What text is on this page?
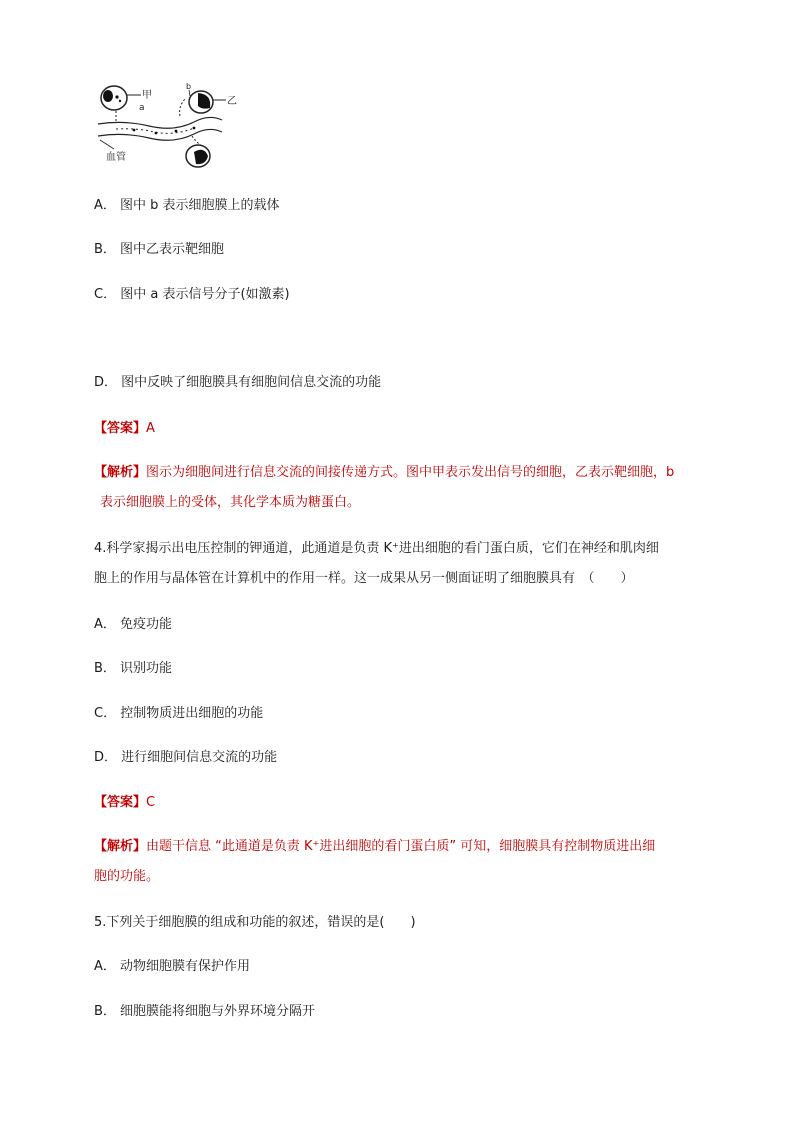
甲
a
乙
b
血管
A． 图中 b 表示细胞膜上的载体
B． 图中乙表示靶细胞
C． 图中 a 表示信号分子(如激素)
D． 图中反映了细胞膜具有细胞间信息交流的功能
【答案】A
【解析】图示为细胞间进行信息交流的间接传递方式。图中甲表示发出信号的细胞，乙表示靶细胞，b
表示细胞膜上的受体，其化学本质为糖蛋白。
4.科学家揭示出电压控制的钾通道，此通道是负责 K⁺进出细胞的看门蛋白质，它们在神经和肌肉细
胞上的作用与晶体管在计算机中的作用一样。这一成果从另一侧面证明了细胞膜具有　（　　）
A． 免疫功能
B． 识别功能
C． 控制物质进出细胞的功能
D． 进行细胞间信息交流的功能
【答案】C
【解析】由题干信息 “此通道是负责 K⁺进出细胞的看门蛋白质” 可知，细胞膜具有控制物质进出细
胞的功能。
5.下列关于细胞膜的组成和功能的叙述，错误的是(　　)
A． 动物细胞膜有保护作用
B． 细胞膜能将细胞与外界环境分隔开
